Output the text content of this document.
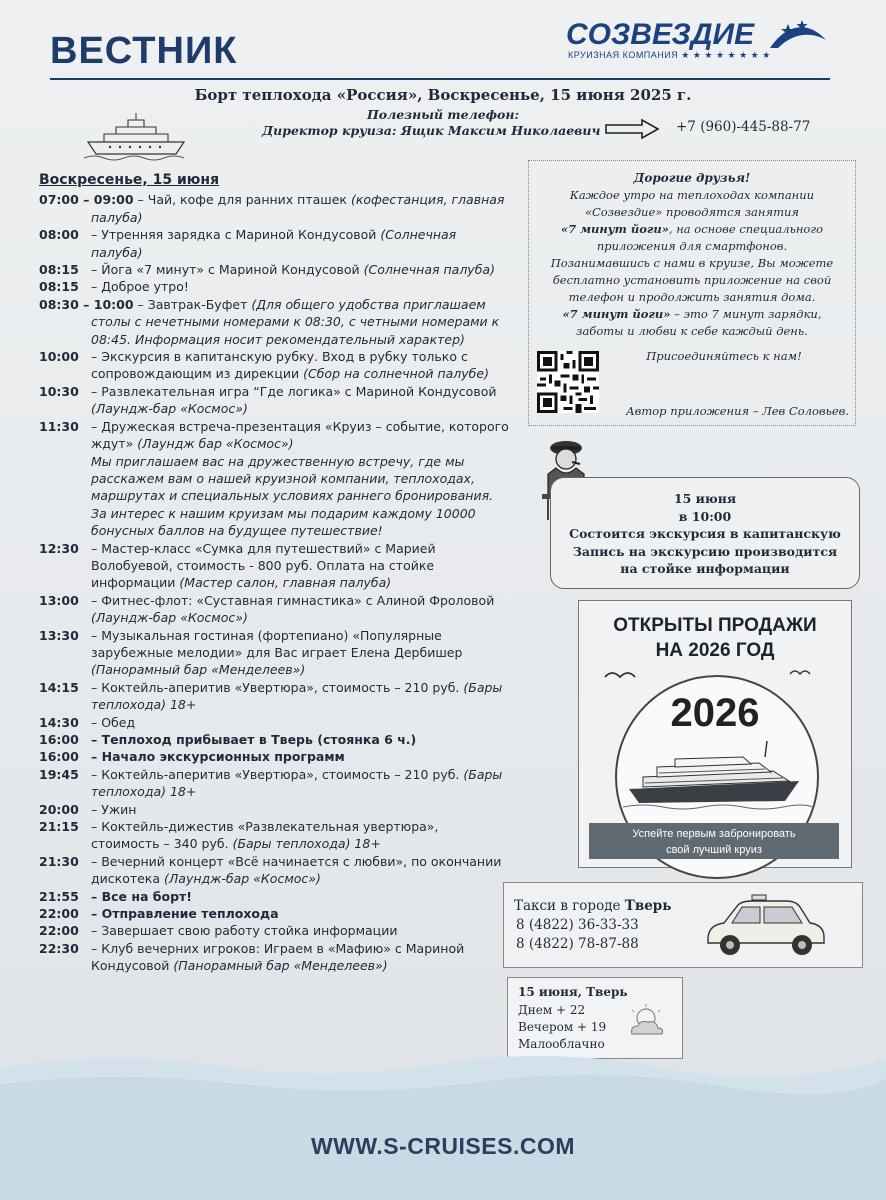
ВЕСТНИК	СОЗВЕЗДИЕ
КРУИЗНАЯ КОМПАНИЯ ★ ★ ★ ★ ★ ★ ★ ★
Борт теплохода «Россия», Воскресенье, 15 июня 2025 г.
Полезный телефон:
Директор круиза: Ящик Максим Николаевич	+7 (960)-445-88-77
Воскресенье, 15 июня
07:00 – 09:00 – Чай, кофе для ранних пташек (кофестанция, главная палуба)
08:00 – Утренняя зарядка с Мариной Кондусовой (Солнечная палуба)
08:15 – Йога «7 минут» с Мариной Кондусовой (Солнечная палуба)
08:15 – Доброе утро!
08:30 – 10:00 – Завтрак-Буфет (Для общего удобства приглашаем столы с нечетными номерами к 08:30, с четными номерами к 08:45. Информация носит рекомендательный характер)
10:00 – Экскурсия в капитанскую рубку. Вход в рубку только с сопровождающим из дирекции (Сбор на солнечной палубе)
10:30 – Развлекательная игра “Где логика» с Мариной Кондусовой (Лаундж-бар «Космос»)
11:30 – Дружеская встреча-презентация «Круиз – событие, которого ждут» (Лаундж бар «Космос»)
Мы приглашаем вас на дружественную встречу, где мы расскажем вам о нашей круизной компании, теплоходах, маршрутах и специальных условиях раннего бронирования. За интерес к нашим круизам мы подарим каждому 10000 бонусных баллов на будущее путешествие!
12:30 – Мастер-класс «Сумка для путешествий» с Марией Волобуевой, стоимость - 800 руб. Оплата на стойке информации (Мастер салон, главная палуба)
13:00 – Фитнес-флот: «Суставная гимнастика» с Алиной Фроловой (Лаундж-бар «Космос»)
13:30 – Музыкальная гостиная (фортепиано) «Популярные зарубежные мелодии» для Вас играет Елена Дербишер (Панорамный бар «Менделеев»)
14:15 – Коктейль-аперитив «Увертюра», стоимость – 210 руб. (Бары теплохода) 18+
14:30 – Обед
16:00 – Теплоход прибывает в Тверь (стоянка 6 ч.)
16:00 – Начало экскурсионных программ
19:45 – Коктейль-аперитив «Увертюра», стоимость – 210 руб. (Бары теплохода) 18+
20:00 – Ужин
21:15 – Коктейль-дижестив «Развлекательная увертюра», стоимость – 340 руб. (Бары теплохода) 18+
21:30 – Вечерний концерт «Всё начинается с любви», по окончании дискотека (Лаундж-бар «Космос»)
21:55 – Все на борт!
22:00 – Отправление теплохода
22:00 – Завершает свою работу стойка информации
22:30 – Клуб вечерних игроков: Играем в «Мафию» с Мариной Кондусовой (Панорамный бар «Менделеев»)
Дорогие друзья!
Каждое утро на теплоходах компании «Созвездие» проводятся занятия
«7 минут йоги», на основе специального приложения для смартфонов.
Позанимавшись с нами в круизе, Вы можете бесплатно установить приложение на свой телефон и продолжить занятия дома.
«7 минут йоги» – это 7 минут зарядки, заботы и любви к себе каждый день.
Присоединяйтесь к нам!
Автор приложения – Лев Соловьев.
15 июня
в 10:00
Состоится экскурсия в капитанскую
Запись на экскурсию производится
на стойке информации
ОТКРЫТЫ ПРОДАЖИ
НА 2026 ГОД
2026
Успейте первым забронировать
свой лучший круиз
Такси в городе Тверь
8 (4822) 36-33-33
8 (4822) 78-87-88
15 июня, Тверь
Днем + 22
Вечером + 19
Малооблачно
WWW.S-CRUISES.COM
